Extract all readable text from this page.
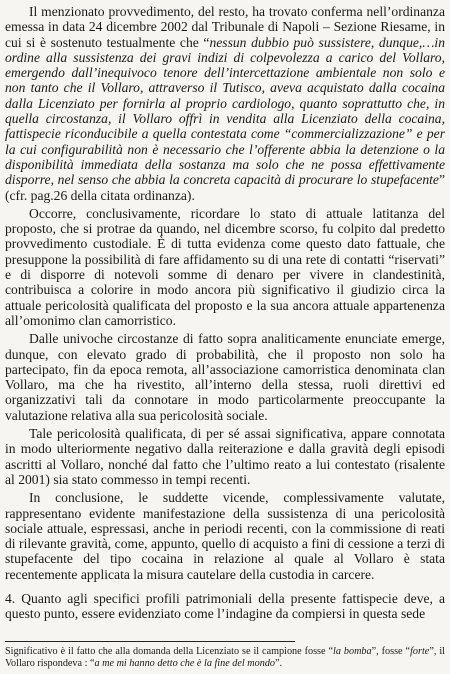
Il menzionato provvedimento, del resto, ha trovato conferma nell’ordinanza emessa in data 24 dicembre 2002 dal Tribunale di Napoli – Sezione Riesame, in cui si è sostenuto testualmente che “nessun dubbio può sussistere, dunque,…in ordine alla sussistenza dei gravi indizi di colpevolezza a carico del Vollaro, emergendo dall’inequivoco tenore dell’intercettazione ambientale non solo e non tanto che il Vollaro, attraverso il Tutisco, aveva acquistato dalla cocaina dalla Licenziato per fornirla al proprio cardiologo, quanto soprattutto che, in quella circostanza, il Vollaro offrì in vendita alla Licenziato della cocaina, fattispecie riconducibile a quella contestata come “commercializzazione” e per la cui configurabilità non è necessario che l’offerente abbia la detenzione o la disponibilità immediata della sostanza ma solo che ne possa effettivamente disporre, nel senso che abbia la concreta capacità di procurare lo stupefacente” (cfr. pag.26 della citata ordinanza).

Occorre, conclusivamente, ricordare lo stato di attuale latitanza del proposto, che si protrae da quando, nel dicembre scorso, fu colpito dal predetto provvedimento custodiale. È di tutta evidenza come questo dato fattuale, che presuppone la possibilità di fare affidamento su di una rete di contatti “riservati” e di disporre di notevoli somme di denaro per vivere in clandestinità, contribuisca a colorire in modo ancora più significativo il giudizio circa la attuale pericolosità qualificata del proposto e la sua ancora attuale appartenenza all’omonimo clan camorristico.

Dalle univoche circostanze di fatto sopra analiticamente enunciate emerge, dunque, con elevato grado di probabilità, che il proposto non solo ha partecipato, fin da epoca remota, all’associazione camorristica denominata clan Vollaro, ma che ha rivestito, all’interno della stessa, ruoli direttivi ed organizzativi tali da connotare in modo particolarmente preoccupante la valutazione relativa alla sua pericolosità sociale.

Tale pericolosità qualificata, di per sé assai significativa, appare connotata in modo ulteriormente negativo dalla reiterazione e dalla gravità degli episodi ascritti al Vollaro, nonché dal fatto che l’ultimo reato a lui contestato (risalente al 2001) sia stato commesso in tempi recenti.

In conclusione, le suddette vicende, complessivamente valutate, rappresentano evidente manifestazione della sussistenza di una pericolosità sociale attuale, espressasi, anche in periodi recenti, con la commissione di reati di rilevante gravità, come, appunto, quello di acquisto a fini di cessione a terzi di stupefacente del tipo cocaina in relazione al quale al Vollaro è stata recentemente applicata la misura cautelare della custodia in carcere.

4. Quanto agli specifici profili patrimoniali della presente fattispecie deve, a questo punto, essere evidenziato come l’indagine da compiersi in questa sede

Significativo è il fatto che alla domanda della Licenziato se il campione fosse “la bomba”, fosse “forte”, il Vollaro rispondeva : “a me mi hanno detto che è la fine del mondo”.
